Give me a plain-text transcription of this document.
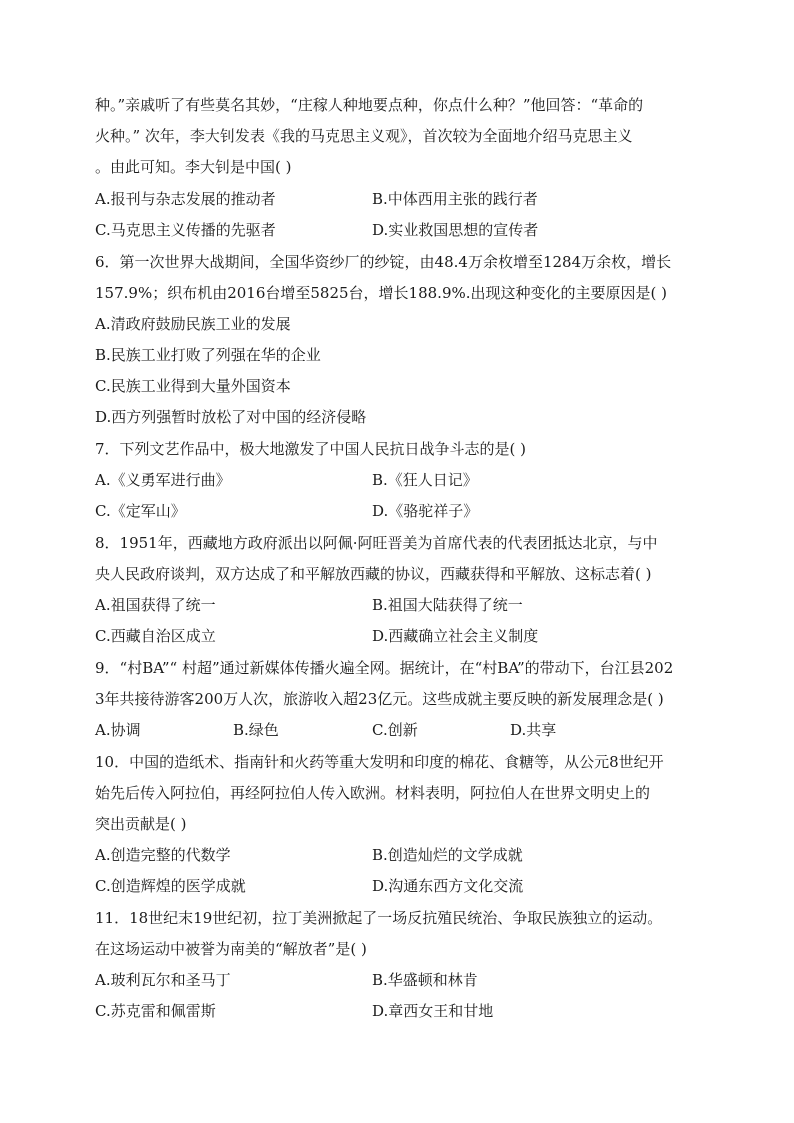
种。”亲戚听了有些莫名其妙，“庄稼人种地要点种，你点什么种？”他回答：“革命的
火种。” 次年，李大钊发表《我的马克思主义观》，首次较为全面地介绍马克思主义
。由此可知。李大钊是中国( )
A.报刊与杂志发展的推动者	B.中体西用主张的践行者
C.马克思主义传播的先驱者	D.实业救国思想的宣传者
6．第一次世界大战期间，全国华资纱厂的纱锭，由48.4万余枚增至1284万余枚，增长
157.9%；织布机由2016台增至5825台，增长188.9%.出现这种变化的主要原因是( )
A.清政府鼓励民族工业的发展
B.民族工业打败了列强在华的企业
C.民族工业得到大量外国资本
D.西方列强暂时放松了对中国的经济侵略
7．下列文艺作品中，极大地激发了中国人民抗日战争斗志的是( )
A.《义勇军进行曲》	B.《狂人日记》
C.《定军山》	D.《骆驼祥子》
8．1951年，西藏地方政府派出以阿佩·阿旺晋美为首席代表的代表团抵达北京，与中
央人民政府谈判，双方达成了和平解放西藏的协议，西藏获得和平解放、这标志着( )
A.祖国获得了统一	B.祖国大陆获得了统一
C.西藏自治区成立	D.西藏确立社会主义制度
9．“村BA”“ 村超”通过新媒体传播火遍全网。据统计，在“村BA”的带动下，台江县202
3年共接待游客200万人次，旅游收入超23亿元。这些成就主要反映的新发展理念是( )
A.协调	B.绿色	C.创新	D.共享
10．中国的造纸术、指南针和火药等重大发明和印度的棉花、食糖等，从公元8世纪开
始先后传入阿拉伯，再经阿拉伯人传入欧洲。材料表明，阿拉伯人在世界文明史上的
突出贡献是( )
A.创造完整的代数学	B.创造灿烂的文学成就
C.创造辉煌的医学成就	D.沟通东西方文化交流
11．18世纪末19世纪初，拉丁美洲掀起了一场反抗殖民统治、争取民族独立的运动。
在这场运动中被誉为南美的“解放者”是( )
A.玻利瓦尔和圣马丁	B.华盛顿和林肯
C.苏克雷和佩雷斯	D.章西女王和甘地
